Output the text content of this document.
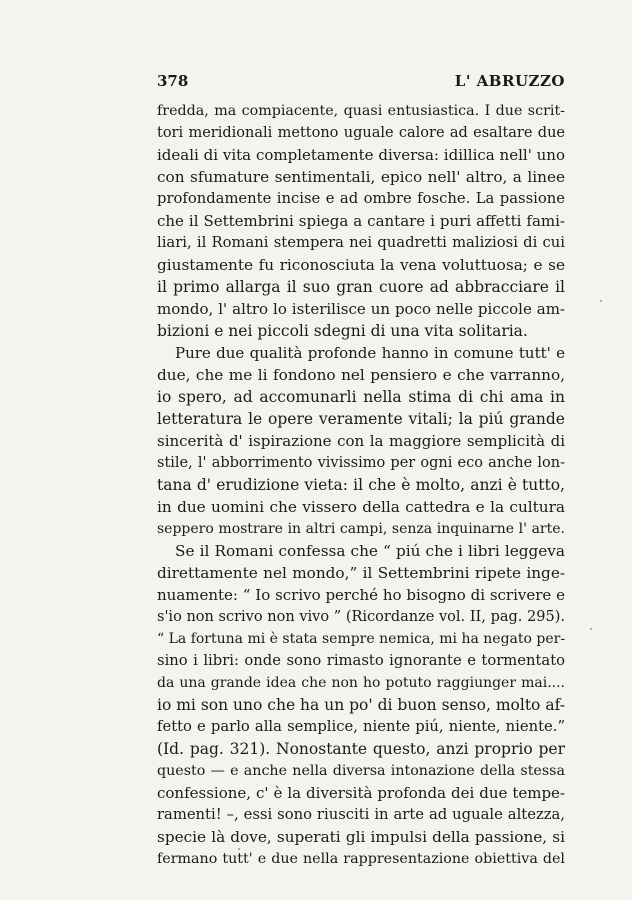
378	L' ABRUZZO
fredda, ma compiacente, quasi entusiastica. I due scrit-
tori meridionali mettono uguale calore ad esaltare due
ideali di vita completamente diversa: idillica nell' uno
con sfumature sentimentali, epico nell' altro, a linee
profondamente incise e ad ombre fosche. La passione
che il Settembrini spiega a cantare i puri affetti fami-
liari, il Romani stempera nei quadretti maliziosi di cui
giustamente fu riconosciuta la vena voluttuosa; e se
il primo allarga il suo gran cuore ad abbracciare il
mondo, l' altro lo isterilisce un poco nelle piccole am-
bizioni e nei piccoli sdegni di una vita solitaria.
Pure due qualità profonde hanno in comune tutt' e
due, che me li fondono nel pensiero e che varranno,
io spero, ad accomunarli nella stima di chi ama in
letteratura le opere veramente vitali; la piú grande
sincerità d' ispirazione con la maggiore semplicità di
stile, l' abborrimento vivissimo per ogni eco anche lon-
tana d' erudizione vieta: il che è molto, anzi è tutto,
in due uomini che vissero della cattedra e la cultura
seppero mostrare in altri campi, senza inquinarne l' arte.
Se il Romani confessa che “ piú che i libri leggeva
direttamente nel mondo,” il Settembrini ripete inge-
nuamente: “ Io scrivo perché ho bisogno di scrivere e
s'io non scrivo non vivo ” (Ricordanze vol. II, pag. 295).
“ La fortuna mi è stata sempre nemica, mi ha negato per-
sino i libri: onde sono rimasto ignorante e tormentato
da una grande idea che non ho potuto raggiunger mai....
io mi son uno che ha un po' di buon senso, molto af-
fetto e parlo alla semplice, niente piú, niente, niente.”
(Id. pag. 321). Nonostante questo, anzi proprio per
questo — e anche nella diversa intonazione della stessa
confessione, c' è la diversità profonda dei due tempe-
ramenti! –, essi sono riusciti in arte ad uguale altezza,
specie là dove, superati gli impulsi della passione, si
fermano tutt' e due nella rappresentazione obiettiva del
